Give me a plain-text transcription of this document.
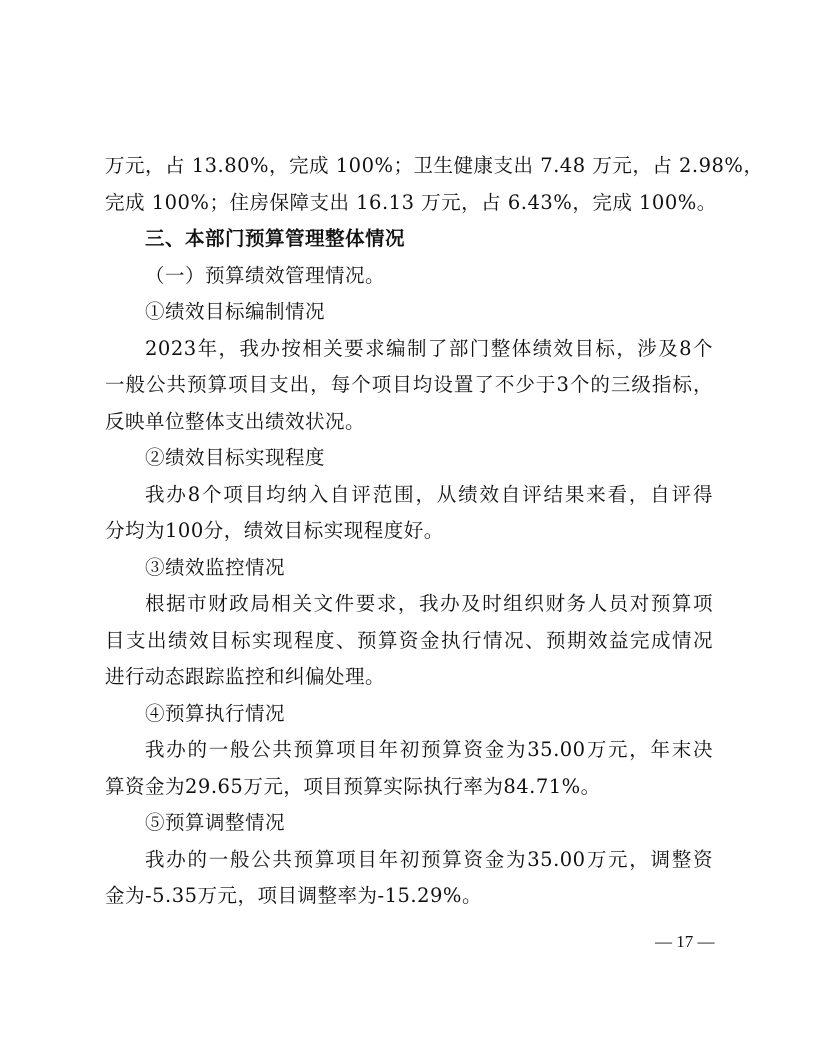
万元，占 13.80%，完成 100%；卫生健康支出 7.48 万元，占 2.98%，
完成 100%；住房保障支出 16.13 万元，占 6.43%，完成 100%。
三、本部门预算管理整体情况
（一）预算绩效管理情况。
①绩效目标编制情况
2023年，我办按相关要求编制了部门整体绩效目标，涉及8个
一般公共预算项目支出，每个项目均设置了不少于3个的三级指标，
反映单位整体支出绩效状况。
②绩效目标实现程度
我办8个项目均纳入自评范围，从绩效自评结果来看，自评得
分均为100分，绩效目标实现程度好。
③绩效监控情况
根据市财政局相关文件要求，我办及时组织财务人员对预算项
目支出绩效目标实现程度、预算资金执行情况、预期效益完成情况
进行动态跟踪监控和纠偏处理。
④预算执行情况
我办的一般公共预算项目年初预算资金为35.00万元，年末决
算资金为29.65万元，项目预算实际执行率为84.71%。
⑤预算调整情况
我办的一般公共预算项目年初预算资金为35.00万元，调整资
金为-5.35万元，项目调整率为-15.29%。
— 17 —
